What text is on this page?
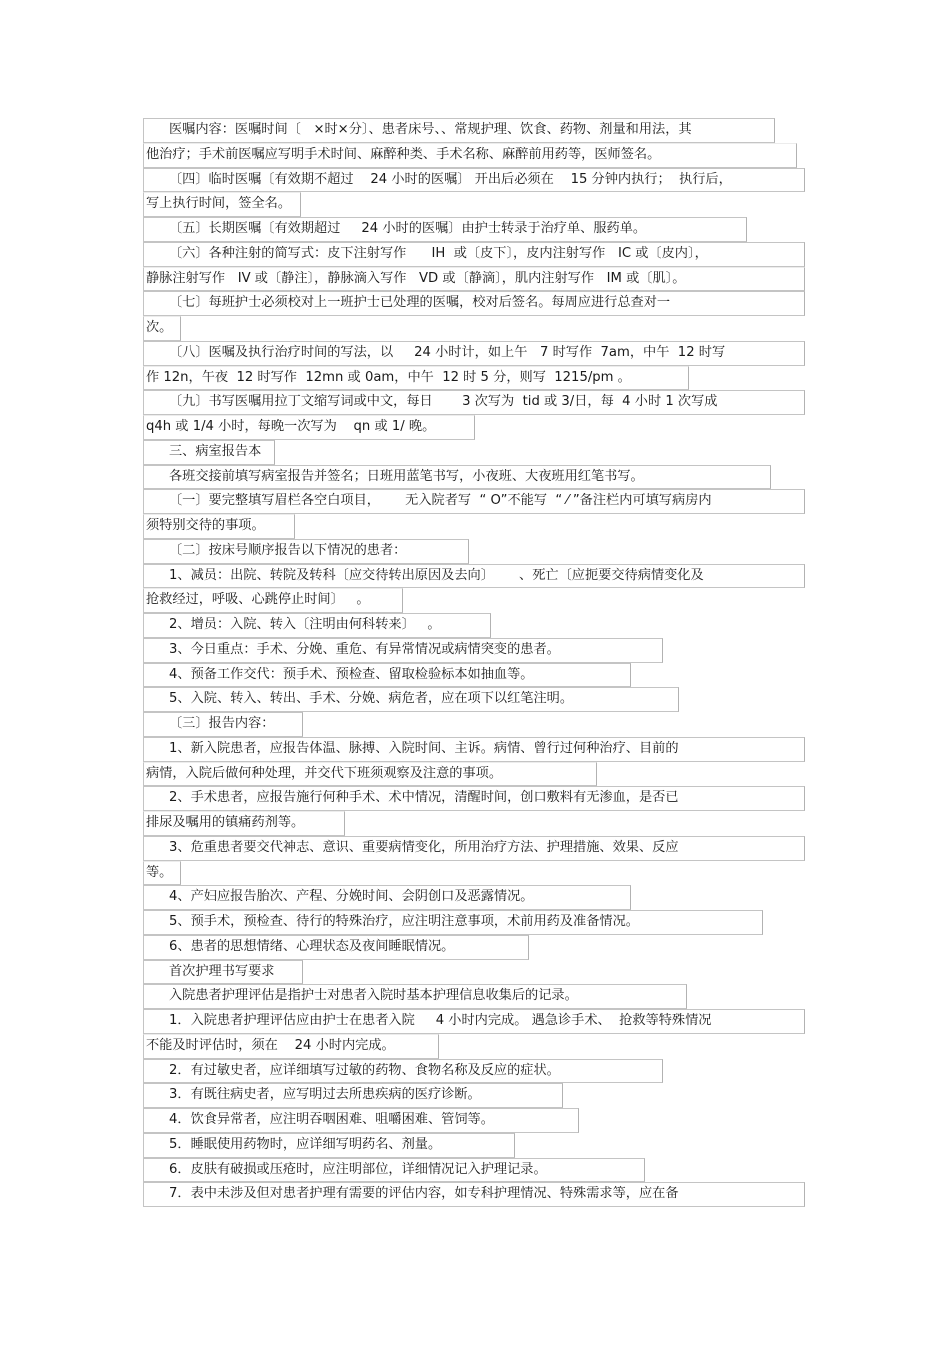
医嘱内容：医嘱时间〔   ×时×分〕、患者床号、、常规护理、饮食、药物、剂量和用法，其
他治疗；手术前医嘱应写明手术时间、麻醉种类、手术名称、麻醉前用药等，医师签名。
〔四〕临时医嘱〔有效期不超过    24 小时的医嘱〕 开出后必须在    15 分钟内执行；  执行后，
写上执行时间，签全名。
〔五〕长期医嘱〔有效期超过     24 小时的医嘱〕由护士转录于治疗单、服药单。
〔六〕各种注射的简写式：皮下注射写作      IH  或〔皮下〕，皮内注射写作   IC 或〔皮内〕，
静脉注射写作   IV 或〔静注〕，静脉滴入写作   VD 或〔静滴〕，肌内注射写作   IM 或〔肌〕。
〔七〕每班护士必须校对上一班护士已处理的医嘱，校对后签名。每周应进行总查对一
次。
〔八〕医嘱及执行治疗时间的写法，以     24 小时计，如上午   7 时写作  7am，中午  12 时写
作 12n，午夜  12 时写作  12mn 或 0am，中午  12 时 5 分，则写  1215/pm 。
〔九〕书写医嘱用拉丁文缩写词或中文，每日       3 次写为  tid 或 3/日，每  4 小时 1 次写成
q4h 或 1/4 小时，每晚一次写为    qn 或 1/ 晚。
三、病室报告本
各班交接前填写病室报告并签名；日班用蓝笔书写，小夜班、大夜班用红笔书写。
〔一〕要完整填写眉栏各空白项目，      无入院者写  “ O”不能写  “ ⁄ ”备注栏内可填写病房内
须特别交待的事项。
〔二〕按床号顺序报告以下情况的患者：
1、减员：出院、转院及转科〔应交待转出原因及去向〕      、死亡〔应扼要交待病情变化及
抢救经过，呼吸、心跳停止时间〕   。
2、增员：入院、转入〔注明由何科转来〕   。
3、今日重点：手术、分娩、重危、有异常情况或病情突变的患者。
4、预备工作交代：预手术、预检查、留取检验标本如抽血等。
5、入院、转入、转出、手术、分娩、病危者，应在项下以红笔注明。
〔三〕报告内容：
1、新入院患者，应报告体温、脉搏、入院时间、主诉。病情、曾行过何种治疗、目前的
病情，入院后做何种处理，并交代下班须观察及注意的事项。
2、手术患者，应报告施行何种手术、术中情况，清醒时间，创口敷料有无渗血，是否已
排尿及嘱用的镇痛药剂等。
3、危重患者要交代神志、意识、重要病情变化，所用治疗方法、护理措施、效果、反应
等。
4、产妇应报告胎次、产程、分娩时间、会阴创口及恶露情况。
5、预手术，预检查、待行的特殊治疗，应注明注意事项，术前用药及准备情况。
6、患者的思想情绪、心理状态及夜间睡眠情况。
首次护理书写要求
入院患者护理评估是指护士对患者入院时基本护理信息收集后的记录。
1．入院患者护理评估应由护士在患者入院     4 小时内完成。 遇急诊手术、  抢救等特殊情况
不能及时评估时，须在    24 小时内完成。
2．有过敏史者，应详细填写过敏的药物、食物名称及反应的症状。
3．有既往病史者，应写明过去所患疾病的医疗诊断。
4．饮食异常者，应注明吞咽困难、咀嚼困难、管饲等。
5．睡眠使用药物时，应详细写明药名、剂量。
6．皮肤有破损或压疮时，应注明部位，详细情况记入护理记录。
7．表中未涉及但对患者护理有需要的评估内容，如专科护理情况、特殊需求等，应在备
